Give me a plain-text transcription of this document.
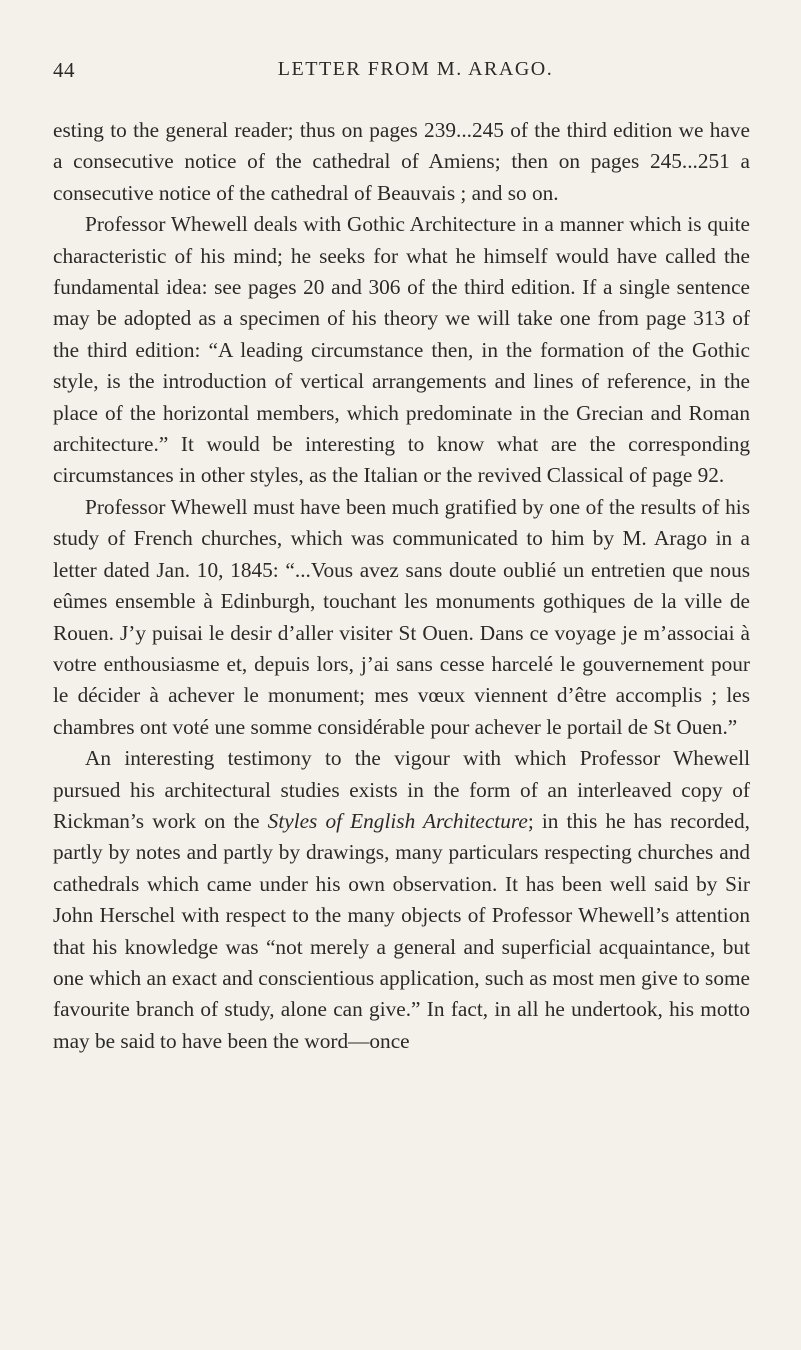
44	LETTER FROM M. ARAGO.

esting to the general reader; thus on pages 239...245 of the third edition we have a consecutive notice of the cathedral of Amiens; then on pages 245...251 a consecutive notice of the cathedral of Beauvais ; and so on.

Professor Whewell deals with Gothic Architecture in a manner which is quite characteristic of his mind; he seeks for what he himself would have called the fundamental idea: see pages 20 and 306 of the third edition. If a single sentence may be adopted as a specimen of his theory we will take one from page 313 of the third edition: “A leading circumstance then, in the formation of the Gothic style, is the introduction of vertical arrangements and lines of reference, in the place of the horizontal members, which predominate in the Grecian and Roman architecture.” It would be interesting to know what are the corresponding circumstances in other styles, as the Italian or the revived Classical of page 92.

Professor Whewell must have been much gratified by one of the results of his study of French churches, which was communicated to him by M. Arago in a letter dated Jan. 10, 1845: “...Vous avez sans doute oublié un entretien que nous eûmes ensemble à Edinburgh, touchant les monuments gothiques de la ville de Rouen. J’y puisai le desir d’aller visiter St Ouen. Dans ce voyage je m’associai à votre enthousiasme et, depuis lors, j’ai sans cesse harcelé le gouvernement pour le décider à achever le monument; mes vœux viennent d’être accomplis ; les chambres ont voté une somme considérable pour achever le portail de St Ouen.”

An interesting testimony to the vigour with which Professor Whewell pursued his architectural studies exists in the form of an interleaved copy of Rickman’s work on the Styles of English Architecture; in this he has recorded, partly by notes and partly by drawings, many particulars respecting churches and cathedrals which came under his own observation. It has been well said by Sir John Herschel with respect to the many objects of Professor Whewell’s attention that his knowledge was “not merely a general and superficial acquaintance, but one which an exact and conscientious application, such as most men give to some favourite branch of study, alone can give.” In fact, in all he undertook, his motto may be said to have been the word—once
